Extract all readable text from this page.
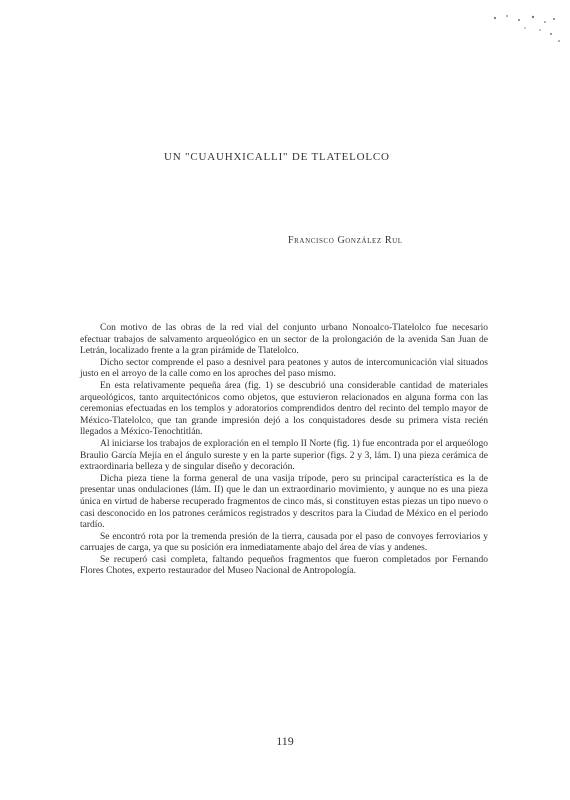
UN "CUAUHXICALLI" DE TLATELOLCO
Francisco González Rul

Con motivo de las obras de la red vial del conjunto urbano Nonoalco-Tlatelolco fue necesario efectuar trabajos de salvamento arqueológico en un sector de la prolongación de la avenida San Juan de Letrán, localizado frente a la gran pirámide de Tlatelolco.

Dicho sector comprende el paso a desnivel para peatones y autos de intercomunicación vial situados justo en el arroyo de la calle como en los aproches del paso mismo.

En esta relativamente pequeña área (fig. 1) se descubrió una considerable cantidad de materiales arqueológicos, tanto arquitectónicos como objetos, que estuvieron relacionados en alguna forma con las ceremonias efectuadas en los templos y adoratorios comprendidos dentro del recinto del templo mayor de México-Tlatelolco, que tan grande impresión dejó a los conquistadores desde su primera vista recién llegados a México-Tenochtitlán.

Al iniciarse los trabajos de exploración en el templo II Norte (fig. 1) fue encontrada por el arqueólogo Braulio García Mejía en el ángulo sureste y en la parte superior (figs. 2 y 3, lám. I) una pieza cerámica de extraordinaria belleza y de singular diseño y decoración.

Dicha pieza tiene la forma general de una vasija trípode, pero su principal característica es la de presentar unas ondulaciones (lám. II) que le dan un extraordinario movimiento, y aunque no es una pieza única en virtud de haberse recuperado fragmentos de cinco más, si constituyen estas piezas un tipo nuevo o casi desconocido en los patrones cerámicos registrados y descritos para la Ciudad de México en el periodo tardío.

Se encontró rota por la tremenda presión de la tierra, causada por el paso de convoyes ferroviarios y carruajes de carga, ya que su posición era inmediatamente abajo del área de vías y andenes.

Se recuperó casi completa, faltando pequeños fragmentos que fueron completados por Fernando Flores Chotes, experto restaurador del Museo Nacional de Antropología.

119
